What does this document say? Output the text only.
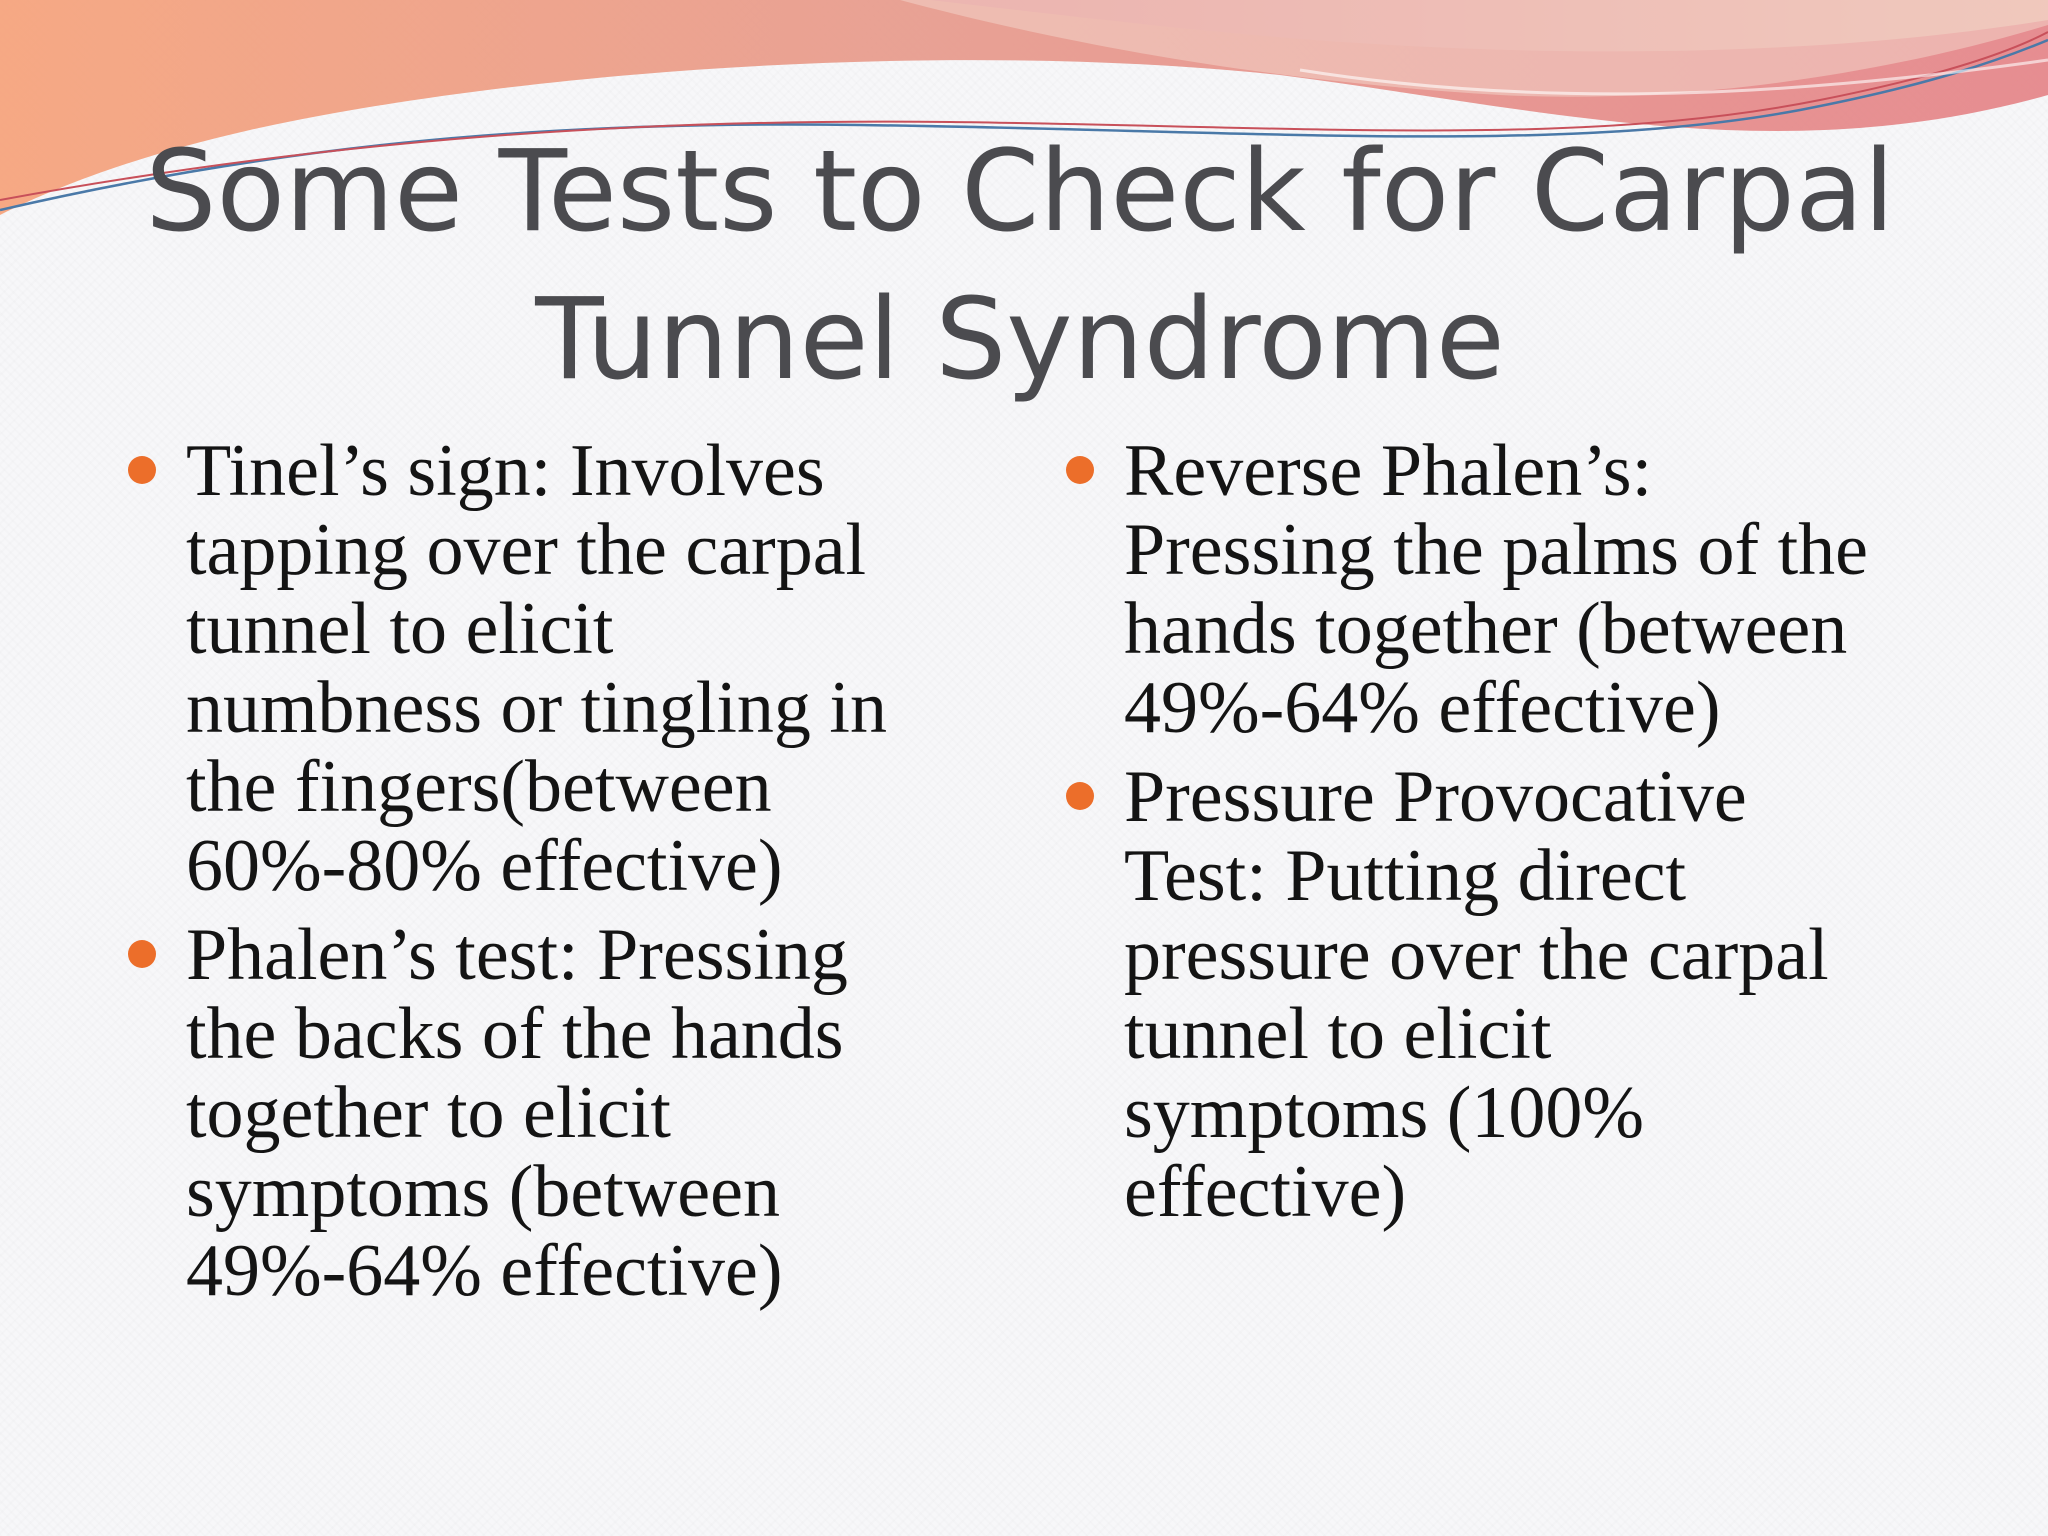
Some Tests to Check for Carpal
Tunnel Syndrome
Tinel’s sign: Involves
tapping over the carpal
tunnel to elicit
numbness or tingling in
the fingers(between
60%-80% effective)
Phalen’s test: Pressing
the backs of the hands
together to elicit
symptoms (between
49%-64% effective)
Reverse Phalen’s:
Pressing the palms of the
hands together (between
49%-64% effective)
Pressure Provocative
Test: Putting direct
pressure over the carpal
tunnel to elicit
symptoms (100%
effective)
